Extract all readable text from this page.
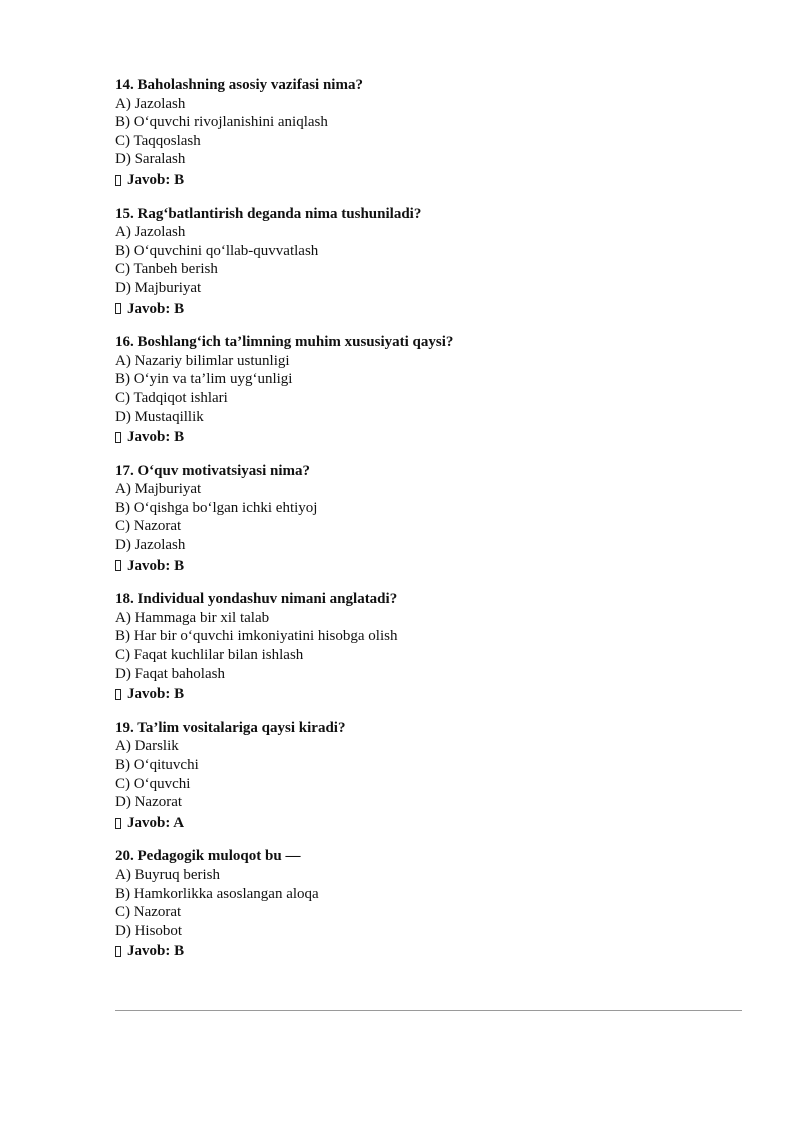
14. Baholashning asosiy vazifasi nima?

A) Jazolash

B) O‘quvchi rivojlanishini aniqlash

C) Taqqoslash

D) Saralash

Javob: B

15. Rag‘batlantirish deganda nima tushuniladi?

A) Jazolash

B) O‘quvchini qo‘llab-quvvatlash

C) Tanbeh berish

D) Majburiyat

Javob: B

16. Boshlang‘ich ta’limning muhim xususiyati qaysi?

A) Nazariy bilimlar ustunligi

B) O‘yin va ta’lim uyg‘unligi

C) Tadqiqot ishlari

D) Mustaqillik

Javob: B

17. O‘quv motivatsiyasi nima?

A) Majburiyat

B) O‘qishga bo‘lgan ichki ehtiyoj

C) Nazorat

D) Jazolash

Javob: B

18. Individual yondashuv nimani anglatadi?

A) Hammaga bir xil talab

B) Har bir o‘quvchi imkoniyatini hisobga olish

C) Faqat kuchlilar bilan ishlash

D) Faqat baholash

Javob: B

19. Ta’lim vositalariga qaysi kiradi?

A) Darslik

B) O‘qituvchi

C) O‘quvchi

D) Nazorat

Javob: A

20. Pedagogik muloqot bu —

A) Buyruq berish

B) Hamkorlikka asoslangan aloqa

C) Nazorat

D) Hisobot

Javob: B
